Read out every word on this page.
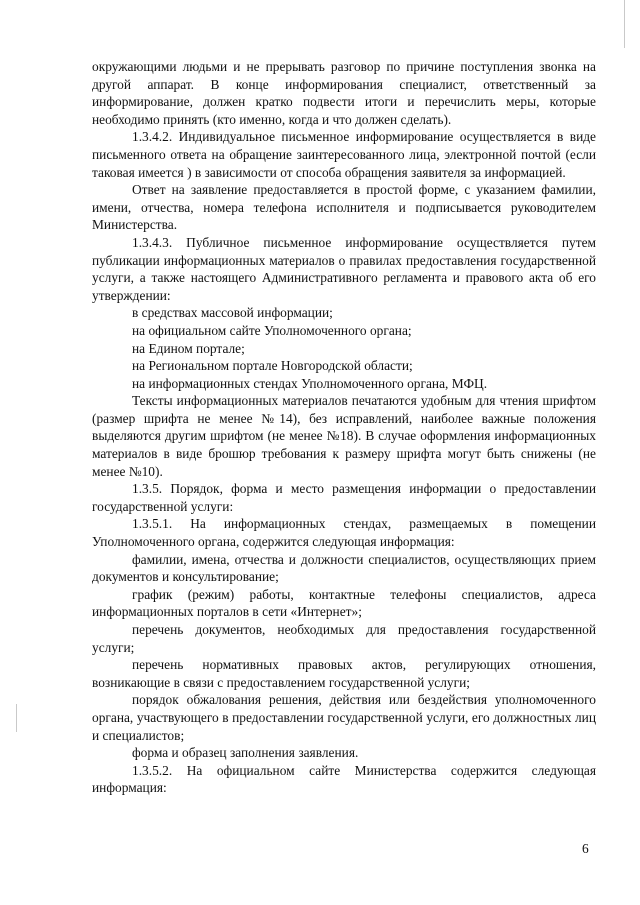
окружающими людьми и не прерывать разговор по причине поступления звонка на другой аппарат. В конце информирования специалист, ответственный за информирование, должен кратко подвести итоги и перечислить меры, которые необходимо принять (кто именно, когда и что должен сделать).

1.3.4.2. Индивидуальное письменное информирование осуществляется в виде письменного ответа на обращение заинтересованного лица, электронной почтой (если таковая имеется ) в зависимости от способа обращения заявителя за информацией.

Ответ на заявление предоставляется в простой форме, с указанием фамилии, имени, отчества, номера телефона исполнителя и подписывается руководителем Министерства.

1.3.4.3. Публичное письменное информирование осуществляется путем публикации информационных материалов о правилах предоставления государственной услуги, а также настоящего Административного регламента и правового акта об его утверждении:

в средствах массовой информации;

на официальном сайте Уполномоченного органа;

на Едином портале;

на Региональном портале Новгородской области;

на информационных стендах Уполномоченного органа, МФЦ.

Тексты информационных материалов печатаются удобным для чтения шрифтом (размер шрифта не менее №14), без исправлений, наиболее важные положения выделяются другим шрифтом (не менее №18). В случае оформления информационных материалов в виде брошюр требования к размеру шрифта могут быть снижены (не менее №10).

1.3.5. Порядок, форма и место размещения информации о предоставлении государственной услуги:

1.3.5.1. На информационных стендах, размещаемых в помещении Уполномоченного органа, содержится следующая информация:

фамилии, имена, отчества и должности специалистов, осуществляющих прием документов и консультирование;

график (режим) работы, контактные телефоны специалистов, адреса информационных порталов в сети «Интернет»;

перечень документов, необходимых для предоставления государственной услуги;

перечень нормативных правовых актов, регулирующих отношения, возникающие в связи с предоставлением государственной услуги;

порядок обжалования решения, действия или бездействия уполномоченного органа, участвующего в предоставлении государственной услуги, его должностных лиц и специалистов;

форма и образец заполнения заявления.

1.3.5.2. На официальном сайте Министерства содержится следующая информация:

6
